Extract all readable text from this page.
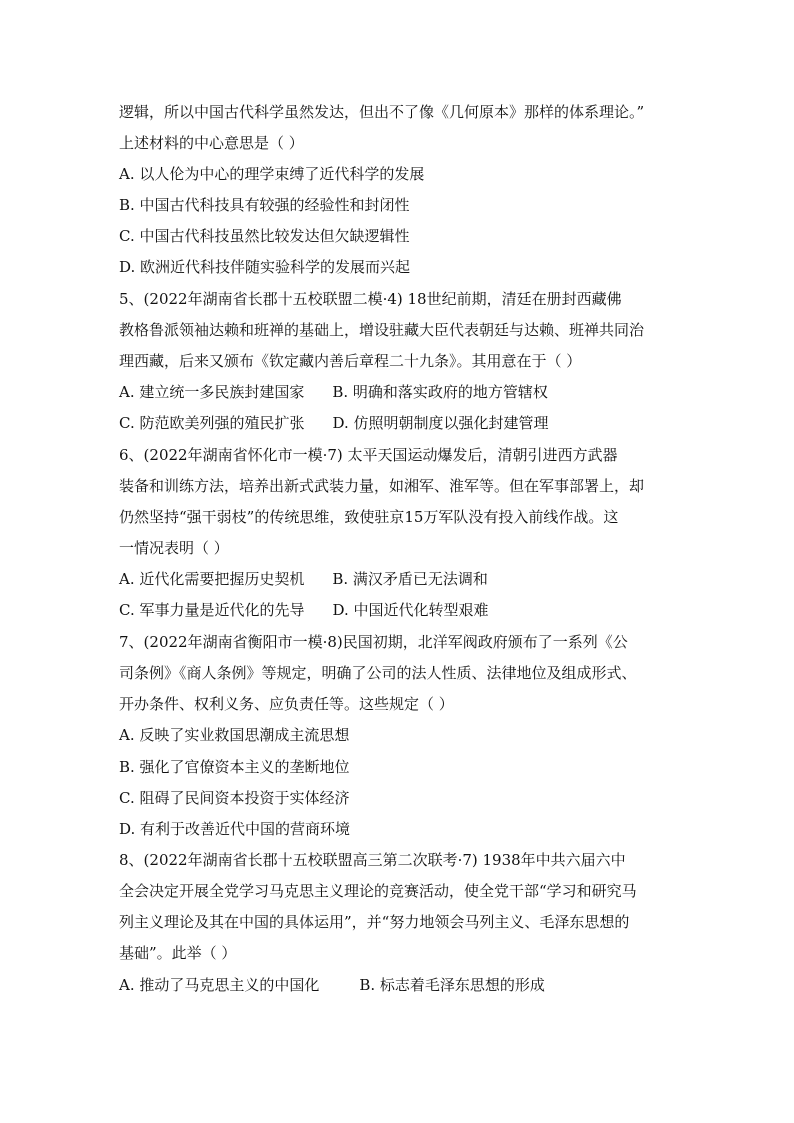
逻辑，所以中国古代科学虽然发达，但出不了像《几何原本》那样的体系理论。”
上述材料的中心意思是（ ）
A. 以人伦为中心的理学束缚了近代科学的发展
B. 中国古代科技具有较强的经验性和封闭性
C. 中国古代科技虽然比较发达但欠缺逻辑性
D. 欧洲近代科技伴随实验科学的发展而兴起
5、(2022年湖南省长郡十五校联盟二模·4) 18世纪前期，清廷在册封西藏佛
教格鲁派领袖达赖和班禅的基础上，增设驻藏大臣代表朝廷与达赖、班禅共同治
理西藏，后来又颁布《钦定藏内善后章程二十九条》。其用意在于（ ）
A. 建立统一多民族封建国家 B. 明确和落实政府的地方管辖权
C. 防范欧美列强的殖民扩张 D. 仿照明朝制度以强化封建管理
6、(2022年湖南省怀化市一模·7) 太平天国运动爆发后，清朝引进西方武器
装备和训练方法，培养出新式武装力量，如湘军、淮军等。但在军事部署上，却
仍然坚持“强干弱枝”的传统思维，致使驻京15万军队没有投入前线作战。这
一情况表明（ ）
A. 近代化需要把握历史契机 B. 满汉矛盾已无法调和
C. 军事力量是近代化的先导 D. 中国近代化转型艰难
7、(2022年湖南省衡阳市一模·8)民国初期，北洋军阀政府颁布了一系列《公
司条例》《商人条例》等规定，明确了公司的法人性质、法律地位及组成形式、
开办条件、权利义务、应负责任等。这些规定（ ）
A. 反映了实业救国思潮成主流思想
B. 强化了官僚资本主义的垄断地位
C. 阻碍了民间资本投资于实体经济
D. 有利于改善近代中国的营商环境
8、(2022年湖南省长郡十五校联盟高三第二次联考·7) 1938年中共六届六中
全会决定开展全党学习马克思主义理论的竞赛活动，使全党干部“学习和研究马
列主义理论及其在中国的具体运用”，并“努力地领会马列主义、毛泽东思想的
基础”。此举（ ）
A. 推动了马克思主义的中国化	B. 标志着毛泽东思想的形成
